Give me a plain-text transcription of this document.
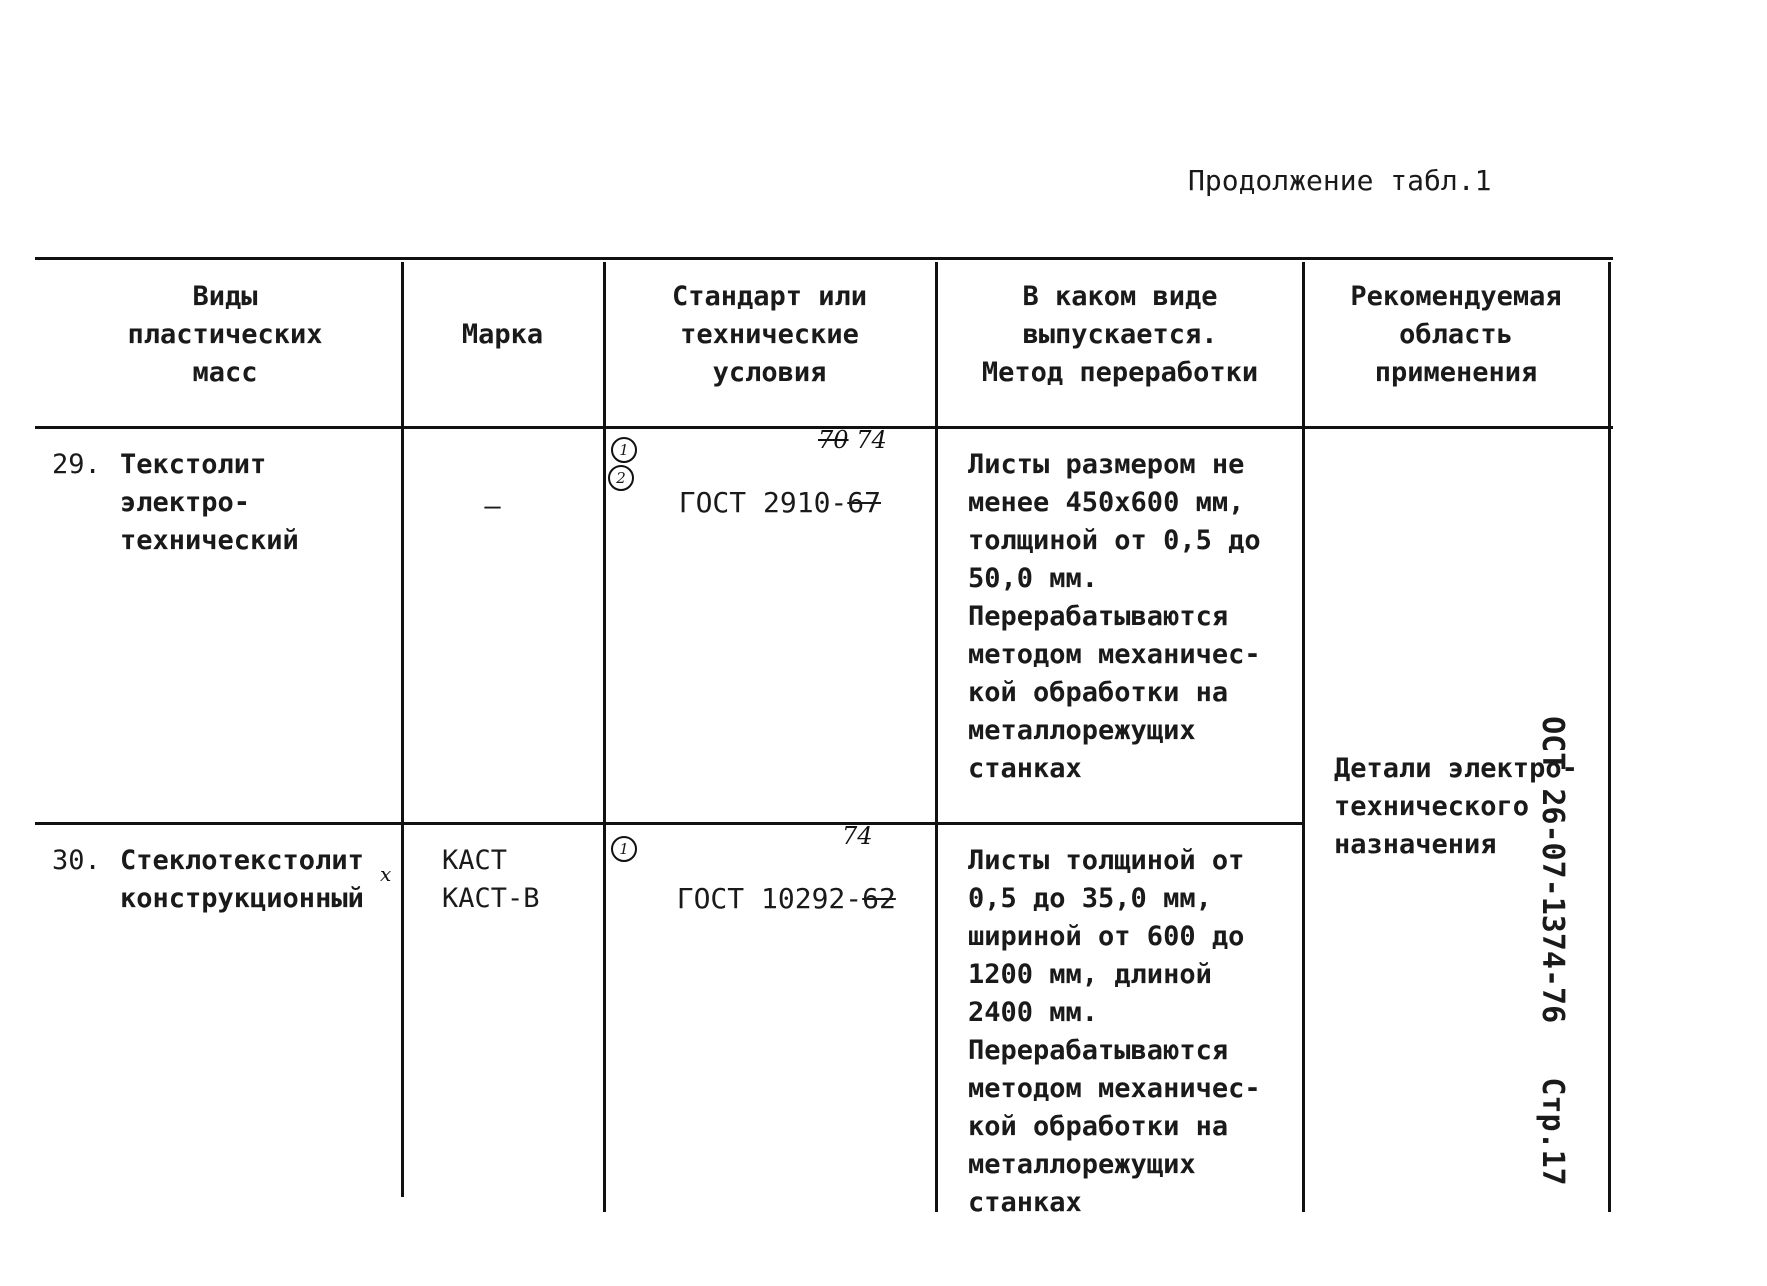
Продолжение табл.1
Виды
пластических
масс
Марка
Стандарт или
технические
условия
В каком виде
выпускается.
Метод переработки
Рекомендуемая
область
применения
29. Текстолит
электро-
технический
—
1
2

ГОСТ 2910-67

70 74
Листы размером не
менее 450х600 мм,
толщиной от 0,5 до
50,0 мм.
Перерабатываются
методом механичес-
кой обработки на
металлорежущих
станках	Детали электро-
технического
назначения
30. Стеклотекстолит
конструкционный
x КАСТ
КАСТ-В
1

ГОСТ 10292-62

74
Листы толщиной от
0,5 до 35,0 мм,
шириной от 600 до
1200 мм, длиной
2400 мм.
Перерабатываются
методом механичес-
кой обработки на
металлорежущих
станках

ОСТ 26-07-1374-76   Стр.17
